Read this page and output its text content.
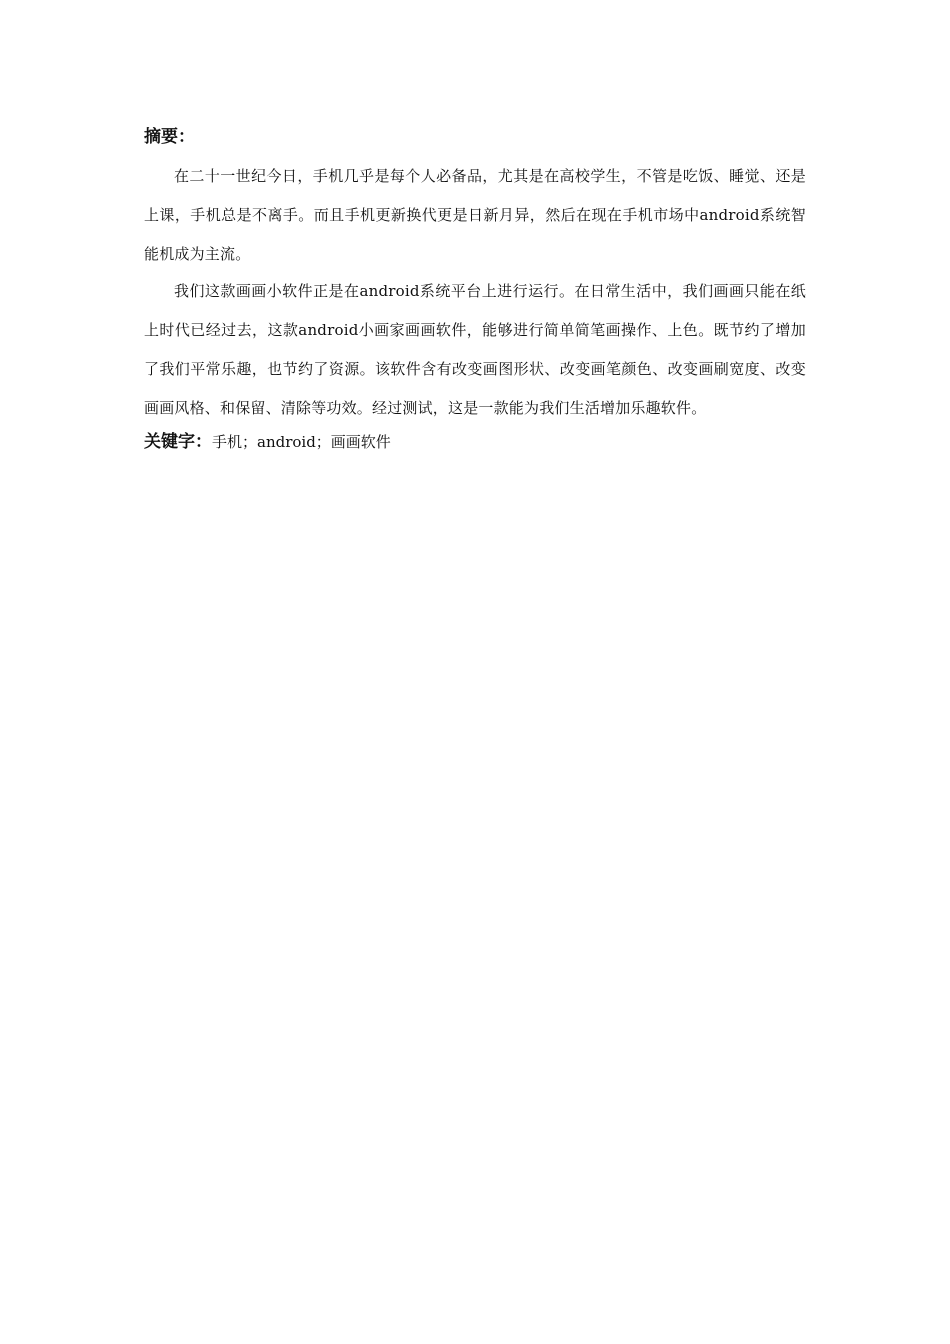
摘要：

在二十一世纪今日，手机几乎是每个人必备品，尤其是在高校学生，不管是吃饭、睡觉、还是上课，手机总是不离手。而且手机更新换代更是日新月异，然后在现在手机市场中android系统智能机成为主流。

我们这款画画小软件正是在android系统平台上进行运行。在日常生活中，我们画画只能在纸上时代已经过去，这款android小画家画画软件，能够进行简单简笔画操作、上色。既节约了增加了我们平常乐趣，也节约了资源。该软件含有改变画图形状、改变画笔颜色、改变画刷宽度、改变画画风格、和保留、清除等功效。经过测试，这是一款能为我们生活增加乐趣软件。

关键字：手机；android；画画软件
